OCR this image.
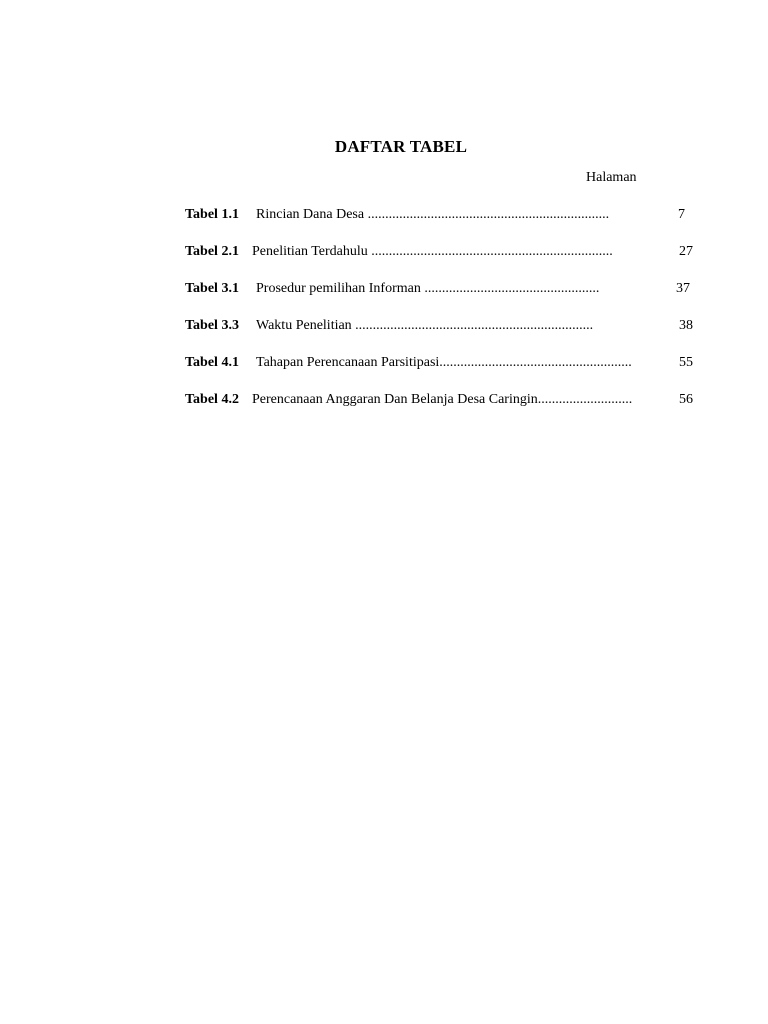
DAFTAR TABEL
Halaman
Tabel 1.1 Rincian Dana Desa .....................................................................	7
Tabel 2.1 Penelitian Terdahulu .....................................................................	27
Tabel 3.1 Prosedur pemilihan Informan ..................................................	37
Tabel 3.3 Waktu Penelitian ....................................................................	38
Tabel 4.1 Tahapan Perencanaan Parsitipasi.......................................................	55
Tabel 4.2 Perencanaan Anggaran Dan Belanja Desa Caringin...........................	56
